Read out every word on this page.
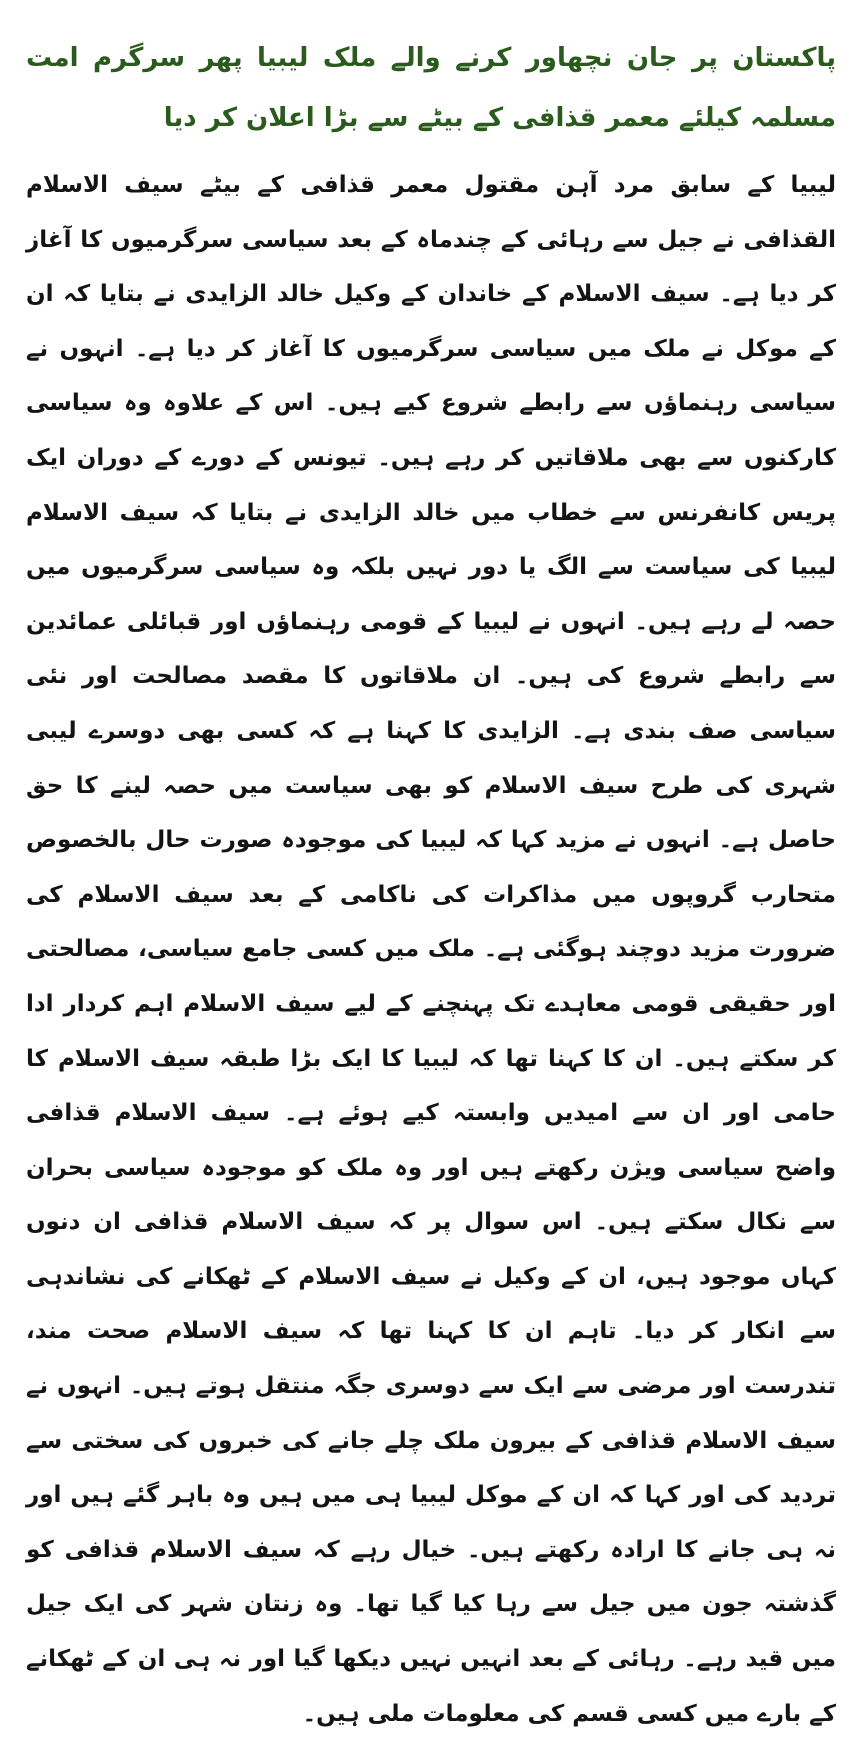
پاکستان پر جان نچھاور کرنے والے ملک لیبیا پھر سرگرم امت مسلمہ کیلئے معمر قذافی کے بیٹے سے بڑا اعلان کر دیا

لیبیا کے سابق مرد آہن مقتول معمر قذافی کے بیٹے سیف الاسلام القذافی نے جیل سے رہائی کے چندماہ کے بعد سیاسی سرگرمیوں کا آغاز کر دیا ہے۔ سیف الاسلام کے خاندان کے وکیل خالد الزایدی نے بتایا کہ ان کے موکل نے ملک میں سیاسی سرگرمیوں کا آغاز کر دیا ہے۔ انہوں نے سیاسی رہنماؤں سے رابطے شروع کیے ہیں۔ اس کے علاوہ وہ سیاسی کارکنوں سے بھی ملاقاتیں کر رہے ہیں۔ تیونس کے دورے کے دوران ایک پریس کانفرنس سے خطاب میں خالد الزایدی نے بتایا کہ سیف الاسلام لیبیا کی سیاست سے الگ یا دور نہیں بلکہ وہ سیاسی سرگرمیوں میں حصہ لے رہے ہیں۔ انہوں نے لیبیا کے قومی رہنماؤں اور قبائلی عمائدین سے رابطے شروع کی ہیں۔ ان ملاقاتوں کا مقصد مصالحت اور نئی سیاسی صف بندی ہے۔ الزایدی کا کہنا ہے کہ کسی بھی دوسرے لیبی شہری کی طرح سیف الاسلام کو بھی سیاست میں حصہ لینے کا حق حاصل ہے۔ انہوں نے مزید کہا کہ لیبیا کی موجودہ صورت حال بالخصوص متحارب گروپوں میں مذاکرات کی ناکامی کے بعد سیف الاسلام کی ضرورت مزید دوچند ہوگئی ہے۔ ملک میں کسی جامع سیاسی، مصالحتی اور حقیقی قومی معاہدے تک پہنچنے کے لیے سیف الاسلام اہم کردار ادا کر سکتے ہیں۔ ان کا کہنا تھا کہ لیبیا کا ایک بڑا طبقہ سیف الاسلام کا حامی اور ان سے امیدیں وابستہ کیے ہوئے ہے۔ سیف الاسلام قذافی واضح سیاسی ویژن رکھتے ہیں اور وہ ملک کو موجودہ سیاسی بحران سے نکال سکتے ہیں۔ اس سوال پر کہ سیف الاسلام قذافی ان دنوں کہاں موجود ہیں، ان کے وکیل نے سیف الاسلام کے ٹھکانے کی نشاندہی سے انکار کر دیا۔ تاہم ان کا کہنا تھا کہ سیف الاسلام صحت مند، تندرست اور مرضی سے ایک سے دوسری جگہ منتقل ہوتے ہیں۔ انہوں نے سیف الاسلام قذافی کے بیرون ملک چلے جانے کی خبروں کی سختی سے تردید کی اور کہا کہ ان کے موکل لیبیا ہی میں ہیں وہ باہر گئے ہیں اور نہ ہی جانے کا ارادہ رکھتے ہیں۔ خیال رہے کہ سیف الاسلام قذافی کو گذشتہ جون میں جیل سے رہا کیا گیا تھا۔ وہ زنتان شہر کی ایک جیل میں قید رہے۔ رہائی کے بعد انہیں نہیں دیکھا گیا اور نہ ہی ان کے ٹھکانے کے بارے میں کسی قسم کی معلومات ملی ہیں۔
